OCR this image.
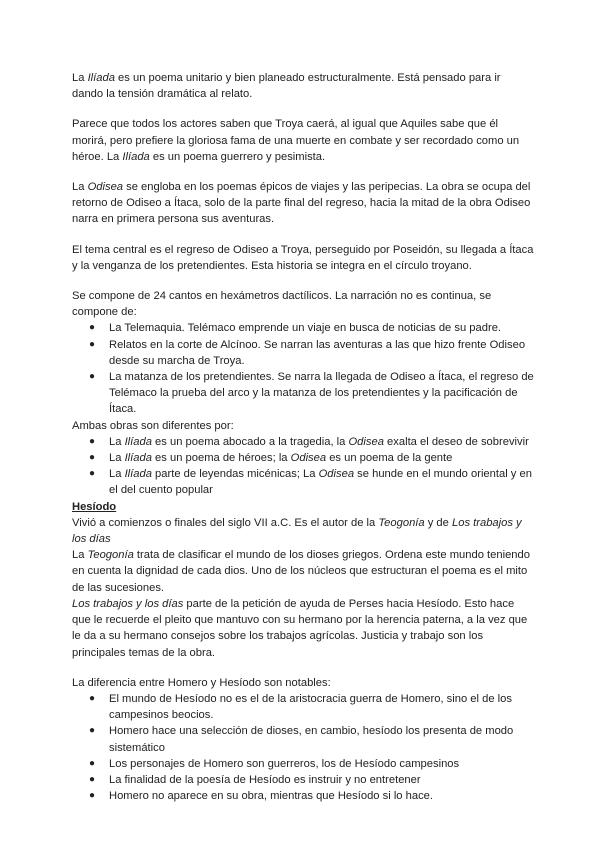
La Ilíada es un poema unitario y bien planeado estructuralmente. Está pensado para ir dando la tensión dramática al relato.

Parece que todos los actores saben que Troya caerá, al igual que Aquiles sabe que él morirá, pero prefiere la gloriosa fama de una muerte en combate y ser recordado como un héroe. La Ilíada es un poema guerrero y pesimista.

La Odisea se engloba en los poemas épicos de viajes y las peripecias. La obra se ocupa del retorno de Odiseo a Ítaca, solo de la parte final del regreso, hacia la mitad de la obra Odiseo narra en primera persona sus aventuras.

El tema central es el regreso de Odiseo a Troya, perseguido por Poseidón, su llegada a Ítaca y la venganza de los pretendientes. Esta historia se integra en el círculo troyano.

Se compone de 24 cantos en hexámetros dactílicos. La narración no es continua, se compone de:

● La Telemaquia. Telémaco emprende un viaje en busca de noticias de su padre.
● Relatos en la corte de Alcínoo. Se narran las aventuras a las que hizo frente Odiseo desde su marcha de Troya.
● La matanza de los pretendientes. Se narra la llegada de Odiseo a Ítaca, el regreso de Telémaco la prueba del arco y la matanza de los pretendientes y la pacificación de Ítaca.

Ambas obras son diferentes por:

● La Ilíada es un poema abocado a la tragedia, la Odisea exalta el deseo de sobrevivir
● La Ilíada es un poema de héroes; la Odisea es un poema de la gente
● La Ilíada parte de leyendas micénicas; La Odisea se hunde en el mundo oriental y en el del cuento popular

Hesíodo

Vivió a comienzos o finales del siglo VII a.C. Es el autor de la Teogonía y de Los trabajos y los días

La Teogonía trata de clasificar el mundo de los dioses griegos. Ordena este mundo teniendo en cuenta la dignidad de cada dios. Uno de los núcleos que estructuran el poema es el mito de las sucesiones.

Los trabajos y los días parte de la petición de ayuda de Perses hacia Hesíodo. Esto hace que le recuerde el pleito que mantuvo con su hermano por la herencia paterna, a la vez que le da a su hermano consejos sobre los trabajos agrícolas. Justicia y trabajo son los principales temas de la obra.

La diferencia entre Homero y Hesíodo son notables:

● El mundo de Hesíodo no es el de la aristocracia guerra de Homero, sino el de los campesinos beocios.
● Homero hace una selección de dioses, en cambio, hesíodo los presenta de modo sistemático
● Los personajes de Homero son guerreros, los de Hesíodo campesinos
● La finalidad de la poesía de Hesíodo es instruir y no entretener
● Homero no aparece en su obra, mientras que Hesíodo si lo hace.
